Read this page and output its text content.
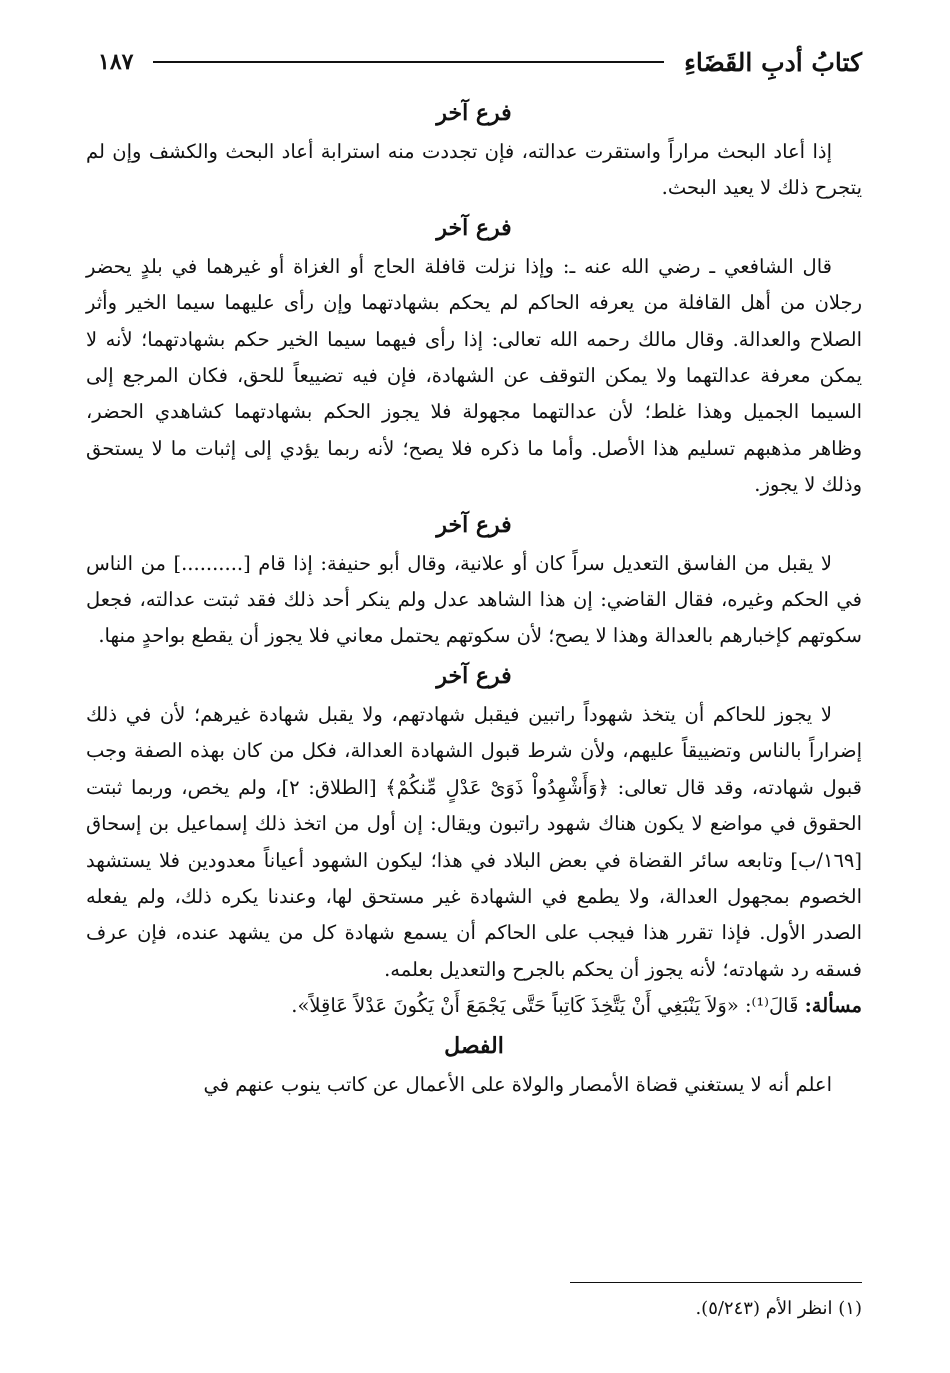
كتابُ أدبِ القَضَاءِ
١٨٧
فرع آخر

إذا أعاد البحث مراراً واستقرت عدالته، فإن تجددت منه استرابة أعاد البحث والكشف وإن لم يتجرح ذلك لا يعيد البحث.

فرع آخر

قال الشافعي ـ رضي الله عنه ـ: وإذا نزلت قافلة الحاج أو الغزاة أو غيرهما في بلدٍ يحضر رجلان من أهل القافلة من يعرفه الحاكم لم يحكم بشهادتهما وإن رأى عليهما سيما الخير وأثر الصلاح والعدالة. وقال مالك رحمه الله تعالى: إذا رأى فيهما سيما الخير حكم بشهادتهما؛ لأنه لا يمكن معرفة عدالتهما ولا يمكن التوقف عن الشهادة، فإن فيه تضييعاً للحق، فكان المرجع إلى السيما الجميل وهذا غلط؛ لأن عدالتهما مجهولة فلا يجوز الحكم بشهادتهما كشاهدي الحضر، وظاهر مذهبهم تسليم هذا الأصل. وأما ما ذكره فلا يصح؛ لأنه ربما يؤدي إلى إثبات ما لا يستحق وذلك لا يجوز.

فرع آخر

لا يقبل من الفاسق التعديل سراً كان أو علانية، وقال أبو حنيفة: إذا قام [..........] من الناس في الحكم وغيره، فقال القاضي: إن هذا الشاهد عدل ولم ينكر أحد ذلك فقد ثبتت عدالته، فجعل سكوتهم كإخبارهم بالعدالة وهذا لا يصح؛ لأن سكوتهم يحتمل معاني فلا يجوز أن يقطع بواحدٍ منها.

فرع آخر

لا يجوز للحاكم أن يتخذ شهوداً راتبين فيقبل شهادتهم، ولا يقبل شهادة غيرهم؛ لأن في ذلك إضراراً بالناس وتضييقاً عليهم، ولأن شرط قبول الشهادة العدالة، فكل من كان بهذه الصفة وجب قبول شهادته، وقد قال تعالى: ﴿وَأَشْهِدُواْ ذَوَىْ عَدْلٍ مِّنكُمْ﴾ [الطلاق: ٢]، ولم يخص، وربما ثبتت الحقوق في مواضع لا يكون هناك شهود راتبون ويقال: إن أول من اتخذ ذلك إسماعيل بن إسحاق [١٦٩/ب] وتابعه سائر القضاة في بعض البلاد في هذا؛ ليكون الشهود أعياناً معدودين فلا يستشهد الخصوم بمجهول العدالة، ولا يطمع في الشهادة غير مستحق لها، وعندنا يكره ذلك، ولم يفعله الصدر الأول. فإذا تقرر هذا فيجب على الحاكم أن يسمع شهادة كل من يشهد عنده، فإن عرف فسقه رد شهادته؛ لأنه يجوز أن يحكم بالجرح والتعديل بعلمه.

مسألة: قَالَ⁽¹⁾: «وَلاَ يَنْبَغِي أَنْ يَتَّخِذَ كَاتِباً حَتَّى يَجْمَعَ أَنْ يَكُونَ عَدْلاً عَاقِلاً».

الفصل

اعلم أنه لا يستغني قضاة الأمصار والولاة على الأعمال عن كاتب ينوب عنهم في

(١) انظر الأم (٥/٢٤٣).
